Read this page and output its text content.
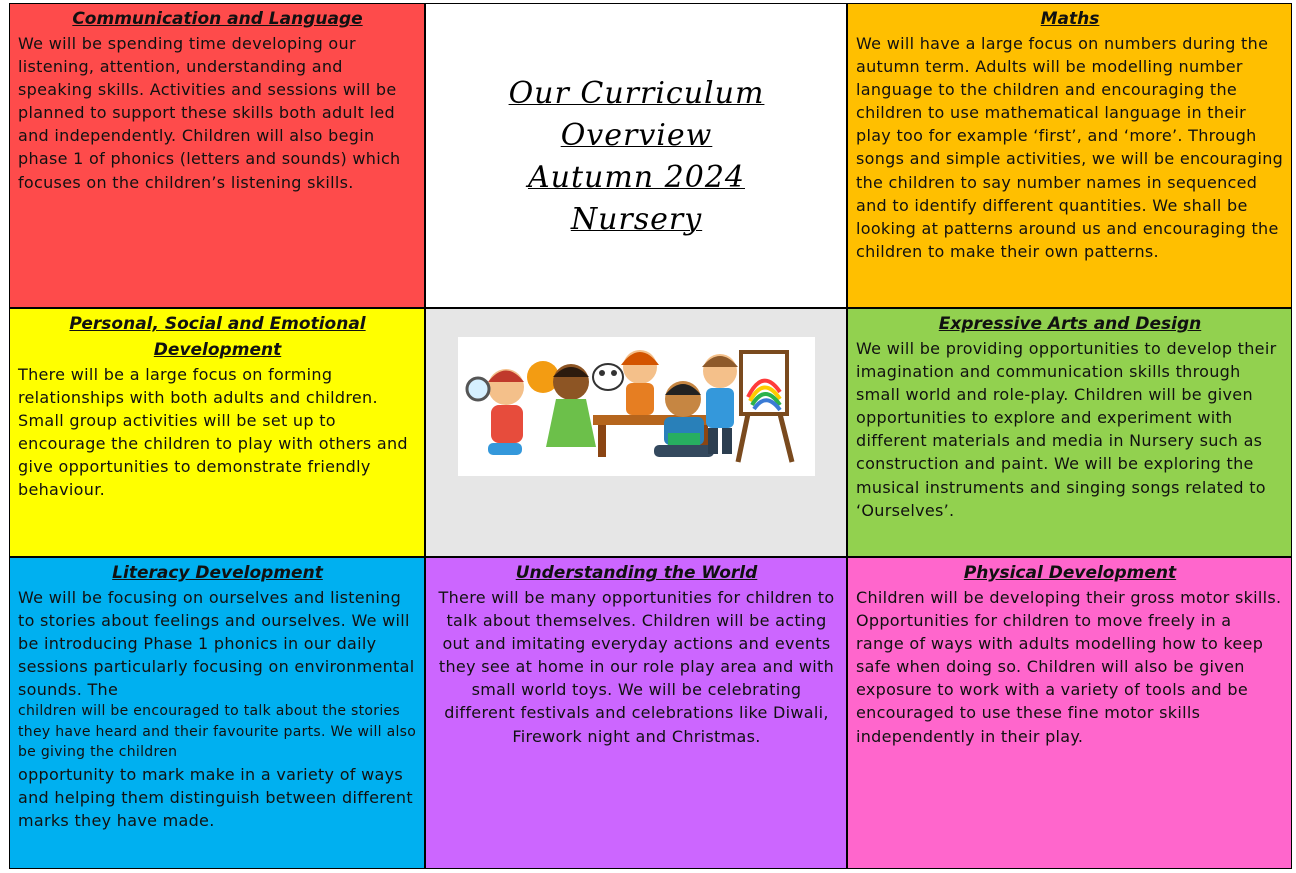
Communication and Language

We will be spending time developing our listening, attention, understanding and speaking skills. Activities and sessions will be planned to support these skills both adult led and independently. Children will also begin phase 1 of phonics (letters and sounds) which focuses on the children’s listening skills.

Our Curriculum
Overview
Autumn 2024
Nursery
Maths

We will have a large focus on numbers during the autumn term. Adults will be modelling number language to the children and encouraging the children to use mathematical language in their play too for example ‘first’, and ‘more’. Through songs and simple activities, we will be encouraging the children to say number names in sequenced and to identify different quantities. We shall be looking at patterns around us and encouraging the children to make their own patterns.

Personal, Social and Emotional Development

There will be a large focus on forming relationships with both adults and children. Small group activities will be set up to encourage the children to play with others and give opportunities to demonstrate friendly behaviour.

Expressive Arts and Design

We will be providing opportunities to develop their imagination and communication skills through small world and role-play. Children will be given opportunities to explore and experiment with different materials and media in Nursery such as construction and paint. We will be exploring the musical instruments and singing songs related to ‘Ourselves’.

Literacy Development

We will be focusing on ourselves and listening to stories about feelings and ourselves. We will be introducing Phase 1 phonics in our daily sessions particularly focusing on environmental sounds. The

children will be encouraged to talk about the stories they have heard and their favourite parts. We will also be giving the children

opportunity to mark make in a variety of ways and helping them distinguish between different marks they have made.

Understanding the World

There will be many opportunities for children to talk about themselves. Children will be acting out and imitating everyday actions and events they see at home in our role play area and with small world toys. We will be celebrating different festivals and celebrations like Diwali, Firework night and Christmas.

Physical Development

Children will be developing their gross motor skills. Opportunities for children to move freely in a range of ways with adults modelling how to keep safe when doing so. Children will also be given exposure to work with a variety of tools and be encouraged to use these fine motor skills independently in their play.
